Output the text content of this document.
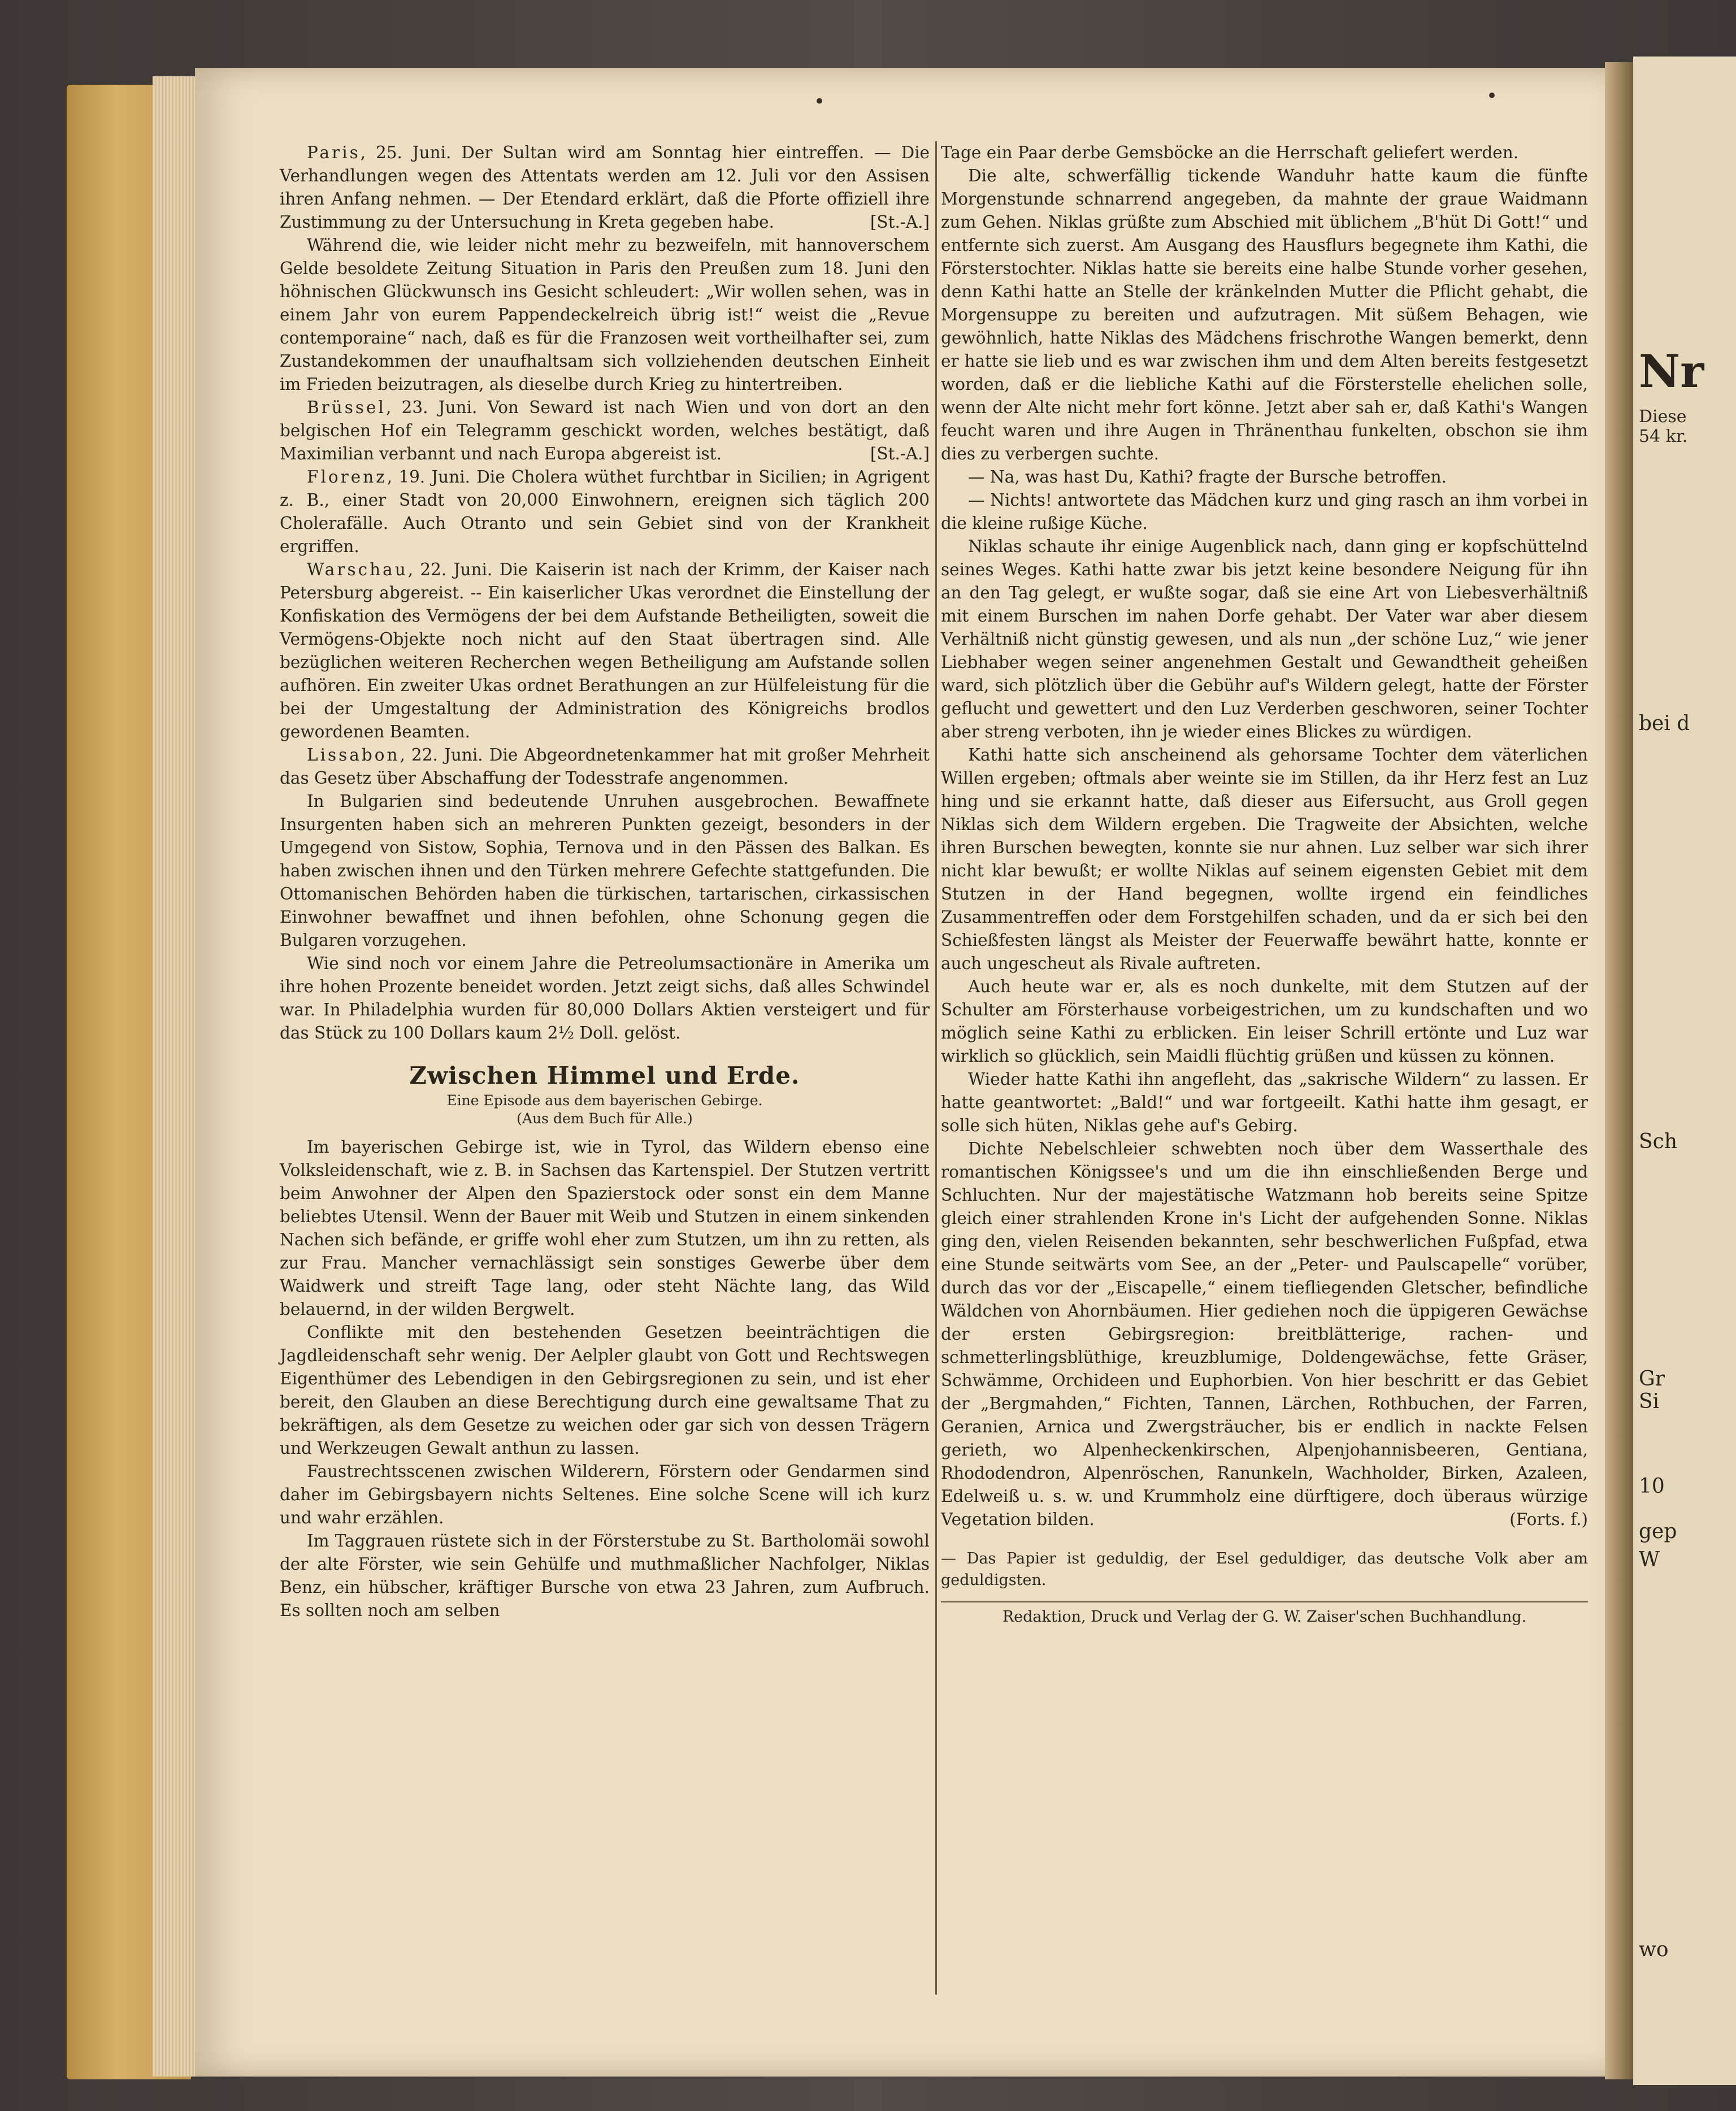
Nr
Diese
54 kr.
bei d
Sch
Gr
Si
10
gep
W
wo
•	•

Paris, 25. Juni. Der Sultan wird am Sonntag hier eintreffen. — Die Verhandlungen wegen des Attentats werden am 12. Juli vor den Assisen ihren Anfang nehmen. — Der Etendard erklärt, daß die Pforte offiziell ihre Zustimmung zu der Untersuchung in Kreta gegeben habe.	[St.-A.]

Während die, wie leider nicht mehr zu bezweifeln, mit hannoverschem Gelde besoldete Zeitung Situation in Paris den Preußen zum 18. Juni den höhnischen Glückwunsch ins Gesicht schleudert: „Wir wollen sehen, was in einem Jahr von eurem Pappendeckelreich übrig ist!“ weist die „Revue contemporaine“ nach, daß es für die Franzosen weit vortheilhafter sei, zum Zustandekommen der unaufhaltsam sich vollziehenden deutschen Einheit im Frieden beizutragen, als dieselbe durch Krieg zu hintertreiben.

Brüssel, 23. Juni. Von Seward ist nach Wien und von dort an den belgischen Hof ein Telegramm geschickt worden, welches bestätigt, daß Maximilian verbannt und nach Europa abgereist ist.	[St.-A.]

Florenz, 19. Juni. Die Cholera wüthet furchtbar in Sicilien; in Agrigent z. B., einer Stadt von 20,000 Einwohnern, ereignen sich täglich 200 Cholerafälle. Auch Otranto und sein Gebiet sind von der Krankheit ergriffen.

Warschau, 22. Juni. Die Kaiserin ist nach der Krimm, der Kaiser nach Petersburg abgereist. -- Ein kaiserlicher Ukas verordnet die Einstellung der Konfiskation des Vermögens der bei dem Aufstande Betheiligten, soweit die Vermögens-Objekte noch nicht auf den Staat übertragen sind. Alle bezüglichen weiteren Recherchen wegen Betheiligung am Aufstande sollen aufhören. Ein zweiter Ukas ordnet Berathungen an zur Hülfeleistung für die bei der Umgestaltung der Administration des Königreichs brodlos gewordenen Beamten.

Lissabon, 22. Juni. Die Abgeordnetenkammer hat mit großer Mehrheit das Gesetz über Abschaffung der Todesstrafe angenommen.

In Bulgarien sind bedeutende Unruhen ausgebrochen. Bewaffnete Insurgenten haben sich an mehreren Punkten gezeigt, besonders in der Umgegend von Sistow, Sophia, Ternova und in den Pässen des Balkan. Es haben zwischen ihnen und den Türken mehrere Gefechte stattgefunden. Die Ottomanischen Behörden haben die türkischen, tartarischen, cirkassischen Einwohner bewaffnet und ihnen befohlen, ohne Schonung gegen die Bulgaren vorzugehen.

Wie sind noch vor einem Jahre die Petreolumsactionäre in Amerika um ihre hohen Prozente beneidet worden. Jetzt zeigt sichs, daß alles Schwindel war. In Philadelphia wurden für 80,000 Dollars Aktien versteigert und für das Stück zu 100 Dollars kaum 2½ Doll. gelöst.

Zwischen Himmel und Erde.

Eine Episode aus dem bayerischen Gebirge.

(Aus dem Buch für Alle.)

Im bayerischen Gebirge ist, wie in Tyrol, das Wildern ebenso eine Volksleidenschaft, wie z. B. in Sachsen das Kartenspiel. Der Stutzen vertritt beim Anwohner der Alpen den Spazierstock oder sonst ein dem Manne beliebtes Utensil. Wenn der Bauer mit Weib und Stutzen in einem sinkenden Nachen sich befände, er griffe wohl eher zum Stutzen, um ihn zu retten, als zur Frau. Mancher vernachlässigt sein sonstiges Gewerbe über dem Waidwerk und streift Tage lang, oder steht Nächte lang, das Wild belauernd, in der wilden Bergwelt.

Conflikte mit den bestehenden Gesetzen beeinträchtigen die Jagdleidenschaft sehr wenig. Der Aelpler glaubt von Gott und Rechtswegen Eigenthümer des Lebendigen in den Gebirgsregionen zu sein, und ist eher bereit, den Glauben an diese Berechtigung durch eine gewaltsame That zu bekräftigen, als dem Gesetze zu weichen oder gar sich von dessen Trägern und Werkzeugen Gewalt anthun zu lassen.

Faustrechtsscenen zwischen Wilderern, Förstern oder Gendarmen sind daher im Gebirgsbayern nichts Seltenes. Eine solche Scene will ich kurz und wahr erzählen.

Im Taggrauen rüstete sich in der Försterstube zu St. Bartholomäi sowohl der alte Förster, wie sein Gehülfe und muthmaßlicher Nachfolger, Niklas Benz, ein hübscher, kräftiger Bursche von etwa 23 Jahren, zum Aufbruch. Es sollten noch am selben

Tage ein Paar derbe Gemsböcke an die Herrschaft geliefert werden.

Die alte, schwerfällig tickende Wanduhr hatte kaum die fünfte Morgenstunde schnarrend angegeben, da mahnte der graue Waidmann zum Gehen. Niklas grüßte zum Abschied mit üblichem „B'hüt Di Gott!“ und entfernte sich zuerst. Am Ausgang des Hausflurs begegnete ihm Kathi, die Försterstochter. Niklas hatte sie bereits eine halbe Stunde vorher gesehen, denn Kathi hatte an Stelle der kränkelnden Mutter die Pflicht gehabt, die Morgensuppe zu bereiten und aufzutragen. Mit süßem Behagen, wie gewöhnlich, hatte Niklas des Mädchens frischrothe Wangen bemerkt, denn er hatte sie lieb und es war zwischen ihm und dem Alten bereits festgesetzt worden, daß er die liebliche Kathi auf die Försterstelle ehelichen solle, wenn der Alte nicht mehr fort könne. Jetzt aber sah er, daß Kathi's Wangen feucht waren und ihre Augen in Thränenthau funkelten, obschon sie ihm dies zu verbergen suchte.

— Na, was hast Du, Kathi? fragte der Bursche betroffen.

— Nichts! antwortete das Mädchen kurz und ging rasch an ihm vorbei in die kleine rußige Küche.

Niklas schaute ihr einige Augenblick nach, dann ging er kopfschüttelnd seines Weges. Kathi hatte zwar bis jetzt keine besondere Neigung für ihn an den Tag gelegt, er wußte sogar, daß sie eine Art von Liebesverhältniß mit einem Burschen im nahen Dorfe gehabt. Der Vater war aber diesem Verhältniß nicht günstig gewesen, und als nun „der schöne Luz,“ wie jener Liebhaber wegen seiner angenehmen Gestalt und Gewandtheit geheißen ward, sich plötzlich über die Gebühr auf's Wildern gelegt, hatte der Förster geflucht und gewettert und den Luz Verderben geschworen, seiner Tochter aber streng verboten, ihn je wieder eines Blickes zu würdigen.

Kathi hatte sich anscheinend als gehorsame Tochter dem väterlichen Willen ergeben; oftmals aber weinte sie im Stillen, da ihr Herz fest an Luz hing und sie erkannt hatte, daß dieser aus Eifersucht, aus Groll gegen Niklas sich dem Wildern ergeben. Die Tragweite der Absichten, welche ihren Burschen bewegten, konnte sie nur ahnen. Luz selber war sich ihrer nicht klar bewußt; er wollte Niklas auf seinem eigensten Gebiet mit dem Stutzen in der Hand begegnen, wollte irgend ein feindliches Zusammentreffen oder dem Forstgehilfen schaden, und da er sich bei den Schießfesten längst als Meister der Feuerwaffe bewährt hatte, konnte er auch ungescheut als Rivale auftreten.

Auch heute war er, als es noch dunkelte, mit dem Stutzen auf der Schulter am Försterhause vorbeigestrichen, um zu kundschaften und wo möglich seine Kathi zu erblicken. Ein leiser Schrill ertönte und Luz war wirklich so glücklich, sein Maidli flüchtig grüßen und küssen zu können.

Wieder hatte Kathi ihn angefleht, das „sakrische Wildern“ zu lassen. Er hatte geantwortet: „Bald!“ und war fortgeeilt. Kathi hatte ihm gesagt, er solle sich hüten, Niklas gehe auf's Gebirg.

Dichte Nebelschleier schwebten noch über dem Wasserthale des romantischen Königssee's und um die ihn einschließenden Berge und Schluchten. Nur der majestätische Watzmann hob bereits seine Spitze gleich einer strahlenden Krone in's Licht der aufgehenden Sonne. Niklas ging den, vielen Reisenden bekannten, sehr beschwerlichen Fußpfad, etwa eine Stunde seitwärts vom See, an der „Peter- und Paulscapelle“ vorüber, durch das vor der „Eiscapelle,“ einem tiefliegenden Gletscher, befindliche Wäldchen von Ahornbäumen. Hier gediehen noch die üppigeren Gewächse der ersten Gebirgsregion: breitblätterige, rachen- und schmetterlingsblüthige, kreuzblumige, Doldengewächse, fette Gräser, Schwämme, Orchideen und Euphorbien. Von hier beschritt er das Gebiet der „Bergmahden,“ Fichten, Tannen, Lärchen, Rothbuchen, der Farren, Geranien, Arnica und Zwergsträucher, bis er endlich in nackte Felsen gerieth, wo Alpenheckenkirschen, Alpenjohannisbeeren, Gentiana, Rhododendron, Alpenröschen, Ranunkeln, Wachholder, Birken, Azaleen, Edelweiß u. s. w. und Krummholz eine dürftigere, doch überaus würzige Vegetation bilden.	(Forts. f.)

— Das Papier ist geduldig, der Esel geduldiger, das deutsche Volk aber am geduldigsten.

Redaktion, Druck und Verlag der G. W. Zaiser'schen Buchhandlung.
